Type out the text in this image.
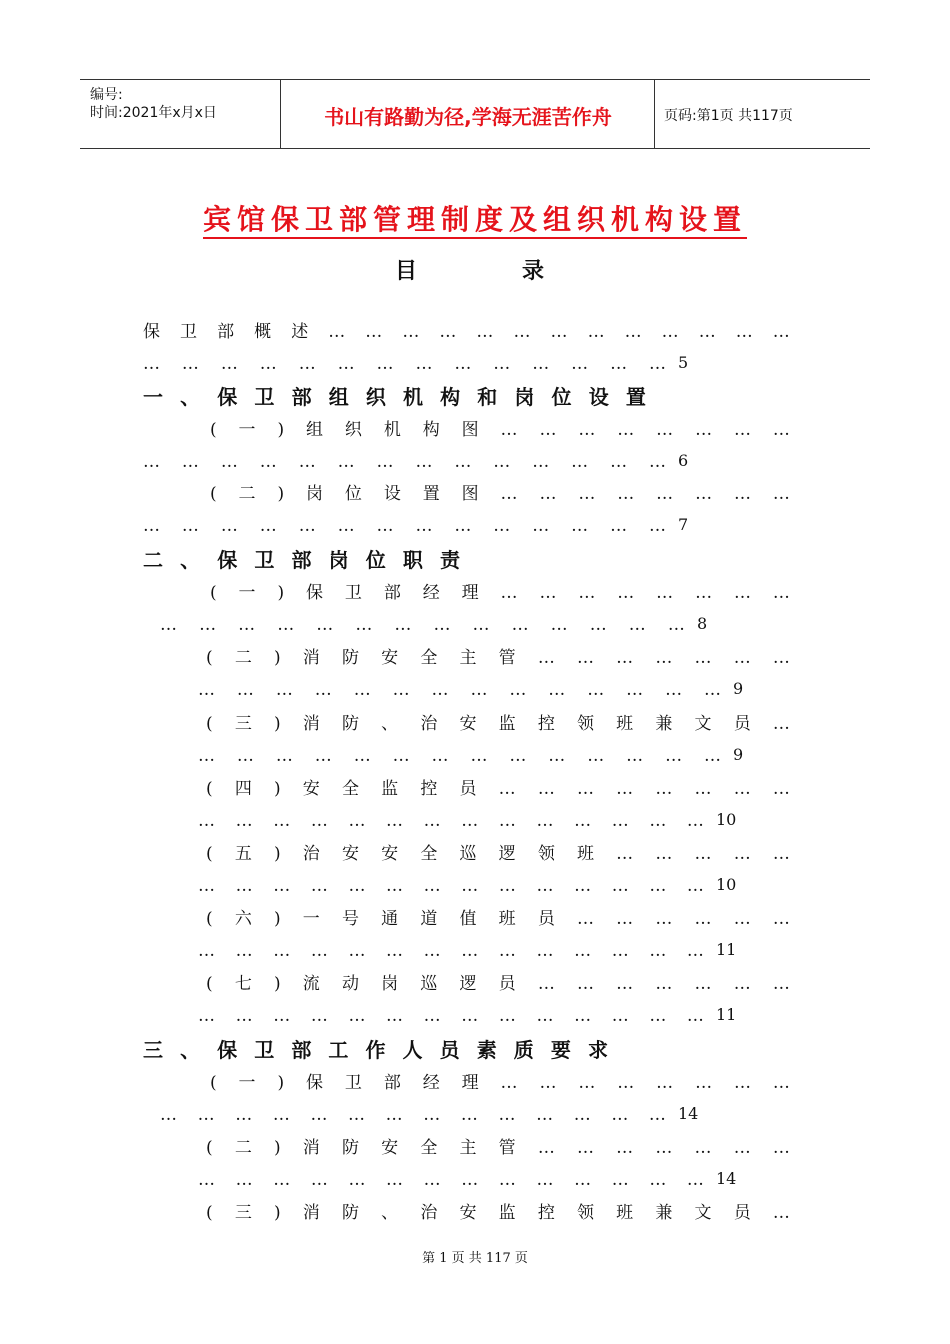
编号:
时间:2021年x月x日	书山有路勤为径,学海无涯苦作舟	页码:第1页 共117页
宾馆保卫部管理制度及组织机构设置
目	录
保 卫 部 概 述 … … … … … … … … … … … … …
… … … … … … … … … … … … … … 5
一 、 保 卫 部 组 织 机 构 和 岗 位 设 置
( 一 ) 组 织 机 构 图 … … … … … … … …
… … … … … … … … … … … … … … 6
( 二 ) 岗 位 设 置 图 … … … … … … … …
… … … … … … … … … … … … … … 7
二 、 保 卫 部 岗 位 职 责
( 一 ) 保 卫 部 经 理 … … … … … … … …
… … … … … … … … … … … … … … 8
( 二 ) 消 防 安 全 主 管 … … … … … … …
… … … … … … … … … … … … … … 9
( 三 ) 消 防 、 治 安 监 控 领 班 兼 文 员 …
… … … … … … … … … … … … … … 9
( 四 ) 安 全 监 控 员 … … … … … … … …
… … … … … … … … … … … … … … 10
( 五 ) 治 安 安 全 巡 逻 领 班 … … … … …
… … … … … … … … … … … … … … 10
( 六 ) 一 号 通 道 值 班 员 … … … … … …
… … … … … … … … … … … … … … 11
( 七 ) 流 动 岗 巡 逻 员 … … … … … … …
… … … … … … … … … … … … … … 11
三 、 保 卫 部 工 作 人 员 素 质 要 求
( 一 ) 保 卫 部 经 理 … … … … … … … …
… … … … … … … … … … … … … … 14
( 二 ) 消 防 安 全 主 管 … … … … … … …
… … … … … … … … … … … … … … 14
( 三 ) 消 防 、 治 安 监 控 领 班 兼 文 员 …
第 1 页 共 117 页
